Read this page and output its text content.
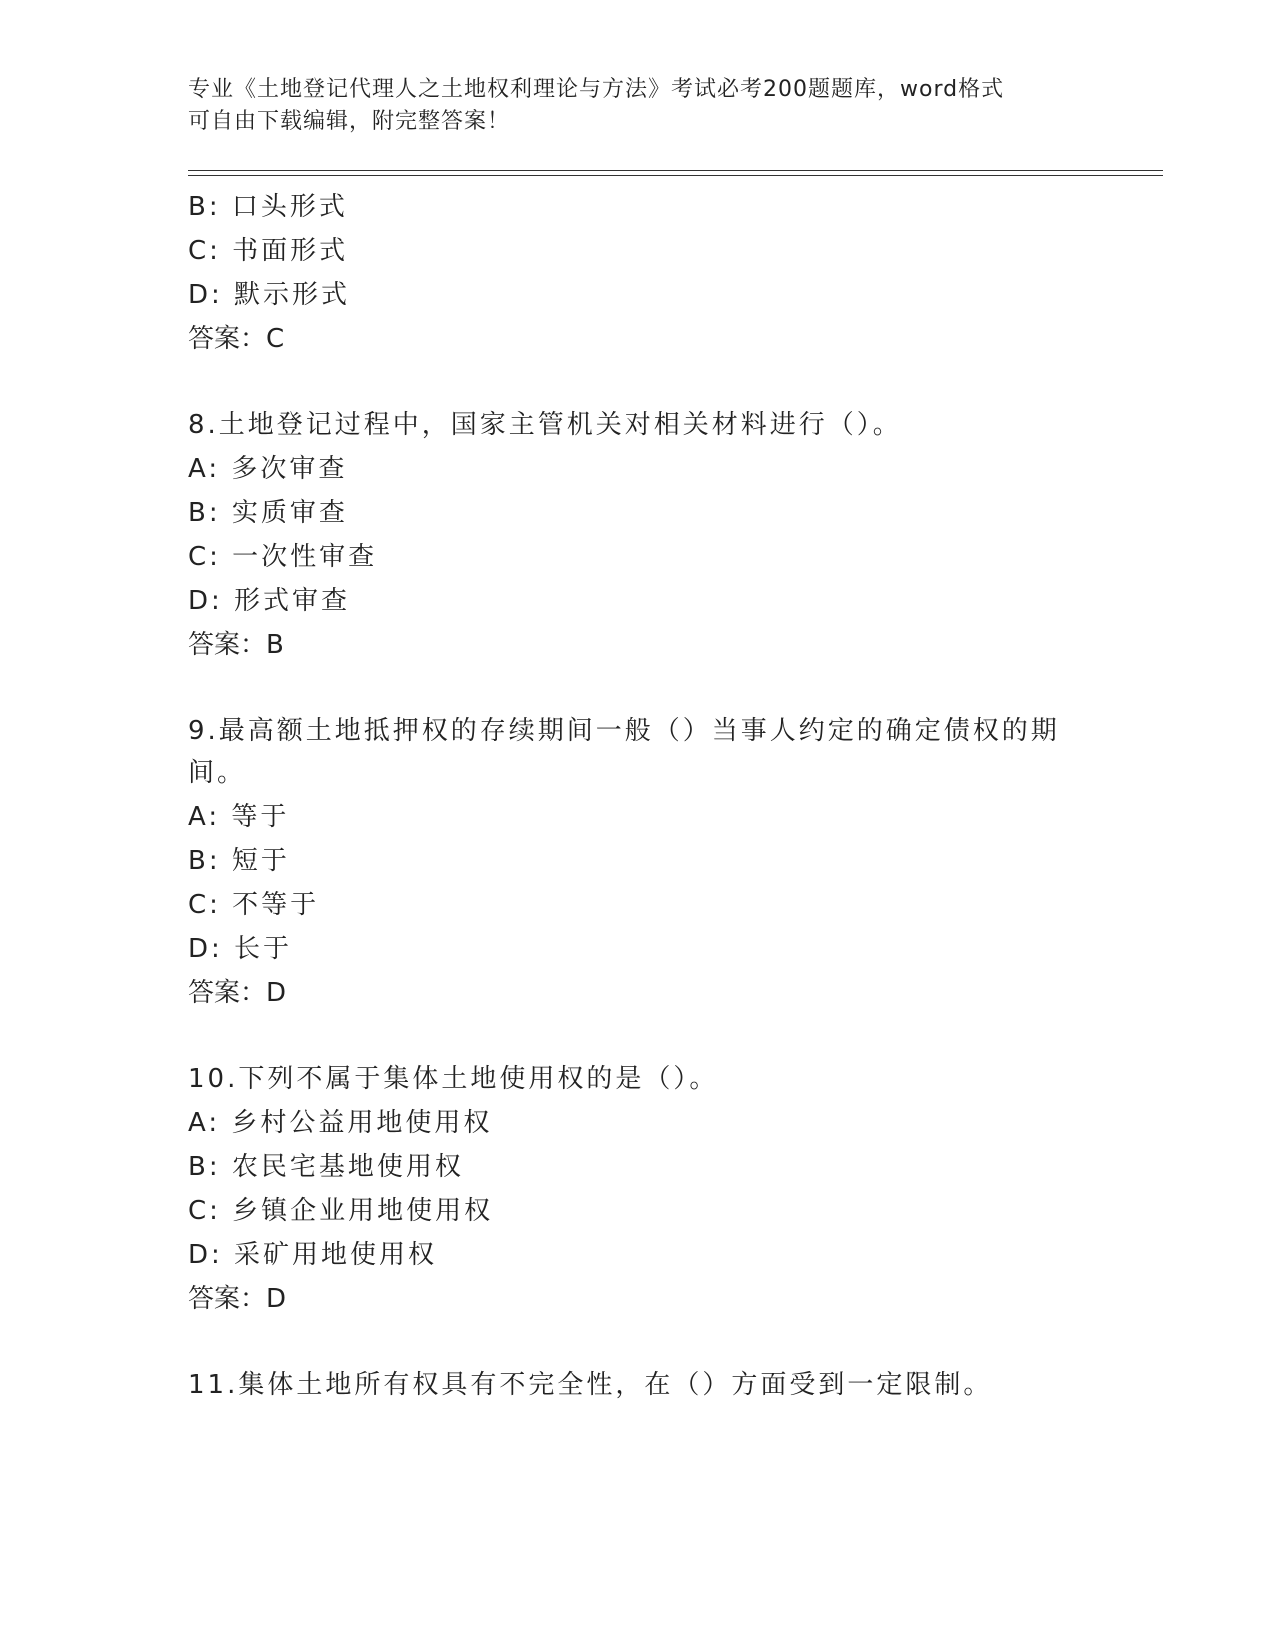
专业《土地登记代理人之土地权利理论与方法》考试必考200题题库，word格式
可自由下载编辑，附完整答案！
B: 口头形式
C: 书面形式
D: 默示形式
答案：C
8.土地登记过程中，国家主管机关对相关材料进行（）。
A: 多次审查
B: 实质审查
C: 一次性审查
D: 形式审查
答案：B
9.最高额土地抵押权的存续期间一般（）当事人约定的确定债权的期
间。
A: 等于
B: 短于
C: 不等于
D: 长于
答案：D
10.下列不属于集体土地使用权的是（）。
A: 乡村公益用地使用权
B: 农民宅基地使用权
C: 乡镇企业用地使用权
D: 采矿用地使用权
答案：D
11.集体土地所有权具有不完全性，在（）方面受到一定限制。
